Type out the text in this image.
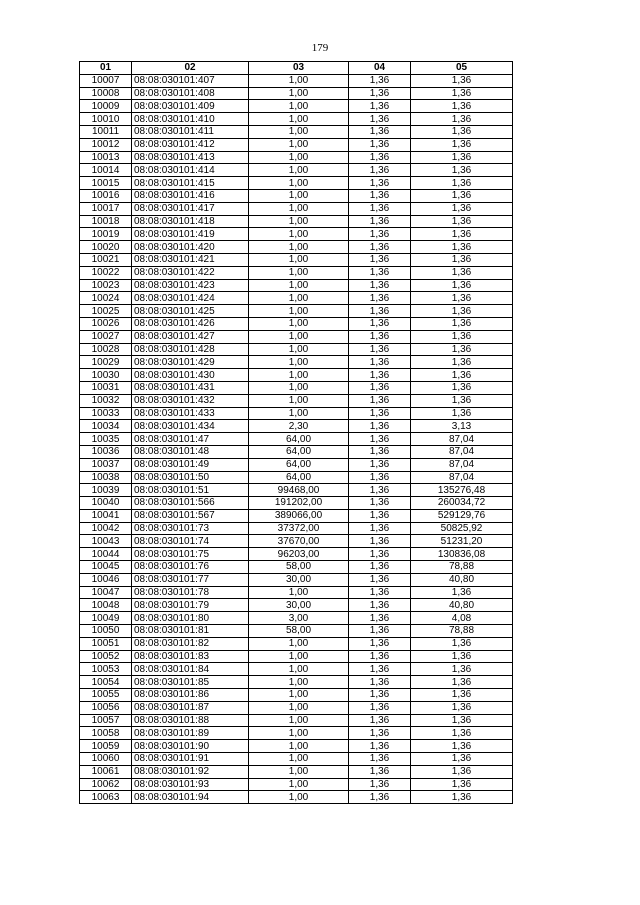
179
01	02	03	04	05
10007	08:08:030101:407	1,00	1,36	1,36
10008	08:08:030101:408	1,00	1,36	1,36
10009	08:08:030101:409	1,00	1,36	1,36
10010	08:08:030101:410	1,00	1,36	1,36
10011	08:08:030101:411	1,00	1,36	1,36
10012	08:08:030101:412	1,00	1,36	1,36
10013	08:08:030101:413	1,00	1,36	1,36
10014	08:08:030101:414	1,00	1,36	1,36
10015	08:08:030101:415	1,00	1,36	1,36
10016	08:08:030101:416	1,00	1,36	1,36
10017	08:08:030101:417	1,00	1,36	1,36
10018	08:08:030101:418	1,00	1,36	1,36
10019	08:08:030101:419	1,00	1,36	1,36
10020	08:08:030101:420	1,00	1,36	1,36
10021	08:08:030101:421	1,00	1,36	1,36
10022	08:08:030101:422	1,00	1,36	1,36
10023	08:08:030101:423	1,00	1,36	1,36
10024	08:08:030101:424	1,00	1,36	1,36
10025	08:08:030101:425	1,00	1,36	1,36
10026	08:08:030101:426	1,00	1,36	1,36
10027	08:08:030101:427	1,00	1,36	1,36
10028	08:08:030101:428	1,00	1,36	1,36
10029	08:08:030101:429	1,00	1,36	1,36
10030	08:08:030101:430	1,00	1,36	1,36
10031	08:08:030101:431	1,00	1,36	1,36
10032	08:08:030101:432	1,00	1,36	1,36
10033	08:08:030101:433	1,00	1,36	1,36
10034	08:08:030101:434	2,30	1,36	3,13
10035	08:08:030101:47	64,00	1,36	87,04
10036	08:08:030101:48	64,00	1,36	87,04
10037	08:08:030101:49	64,00	1,36	87,04
10038	08:08:030101:50	64,00	1,36	87,04
10039	08:08:030101:51	99468,00	1,36	135276,48
10040	08:08:030101:566	191202,00	1,36	260034,72
10041	08:08:030101:567	389066,00	1,36	529129,76
10042	08:08:030101:73	37372,00	1,36	50825,92
10043	08:08:030101:74	37670,00	1,36	51231,20
10044	08:08:030101:75	96203,00	1,36	130836,08
10045	08:08:030101:76	58,00	1,36	78,88
10046	08:08:030101:77	30,00	1,36	40,80
10047	08:08:030101:78	1,00	1,36	1,36
10048	08:08:030101:79	30,00	1,36	40,80
10049	08:08:030101:80	3,00	1,36	4,08
10050	08:08:030101:81	58,00	1,36	78,88
10051	08:08:030101:82	1,00	1,36	1,36
10052	08:08:030101:83	1,00	1,36	1,36
10053	08:08:030101:84	1,00	1,36	1,36
10054	08:08:030101:85	1,00	1,36	1,36
10055	08:08:030101:86	1,00	1,36	1,36
10056	08:08:030101:87	1,00	1,36	1,36
10057	08:08:030101:88	1,00	1,36	1,36
10058	08:08:030101:89	1,00	1,36	1,36
10059	08:08:030101:90	1,00	1,36	1,36
10060	08:08:030101:91	1,00	1,36	1,36
10061	08:08:030101:92	1,00	1,36	1,36
10062	08:08:030101:93	1,00	1,36	1,36
10063	08:08:030101:94	1,00	1,36	1,36
